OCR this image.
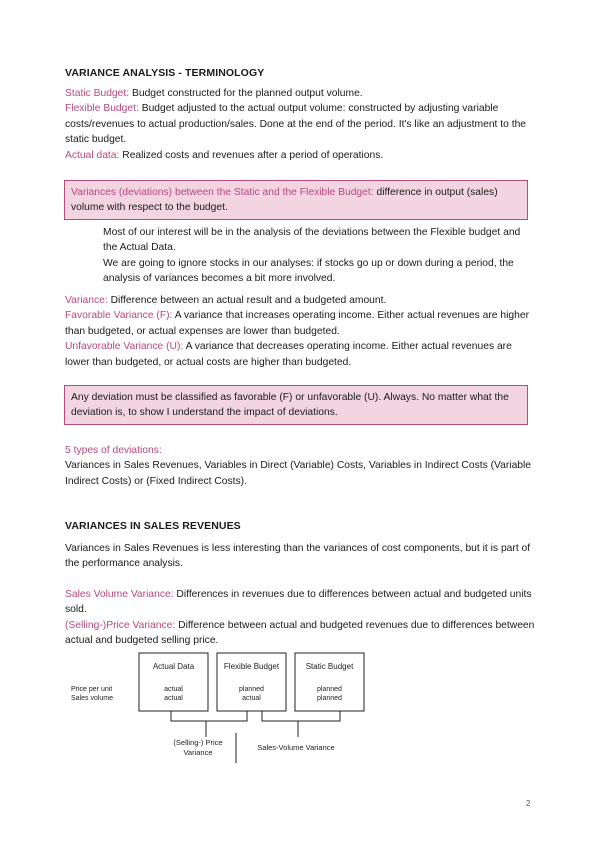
VARIANCE ANALYSIS - TERMINOLOGY

Static Budget: Budget constructed for the planned output volume.

Flexible Budget: Budget adjusted to the actual output volume: constructed by adjusting variable costs/revenues to actual production/sales. Done at the end of the period. It's like an adjustment to the static budget.

Actual data: Realized costs and revenues after a period of operations.

Variances (deviations) between the Static and the Flexible Budget: difference in output (sales) volume with respect to the budget.

Most of our interest will be in the analysis of the deviations between the Flexible budget and the Actual Data.

We are going to ignore stocks in our analyses: if stocks go up or down during a period, the analysis of variances becomes a bit more involved.

Variance: Difference between an actual result and a budgeted amount.

Favorable Variance (F): A variance that increases operating income. Either actual revenues are higher than budgeted, or actual expenses are lower than budgeted.

Unfavorable Variance (U): A variance that decreases operating income. Either actual revenues are lower than budgeted, or actual costs are higher than budgeted.

Any deviation must be classified as favorable (F) or unfavorable (U). Always. No matter what the deviation is, to show I understand the impact of deviations.

5 types of deviations:

Variances in Sales Revenues, Variables in Direct (Variable) Costs, Variables in Indirect Costs (Variable Indirect Costs) or (Fixed Indirect Costs).

VARIANCES IN SALES REVENUES

Variances in Sales Revenues is less interesting than the variances of cost components, but it is part of the performance analysis.

Sales Volume Variance: Differences in revenues due to differences between actual and budgeted units sold.

(Selling-)Price Variance: Difference between actual and budgeted revenues due to differences between actual and budgeted selling price.

Actual Data	Flexible Budget	Static Budget
actual
actual
planned
actual
planned
planned
Price per unit
Sales volume
(Selling-) Price
Variance
Sales-Volume Variance
2
